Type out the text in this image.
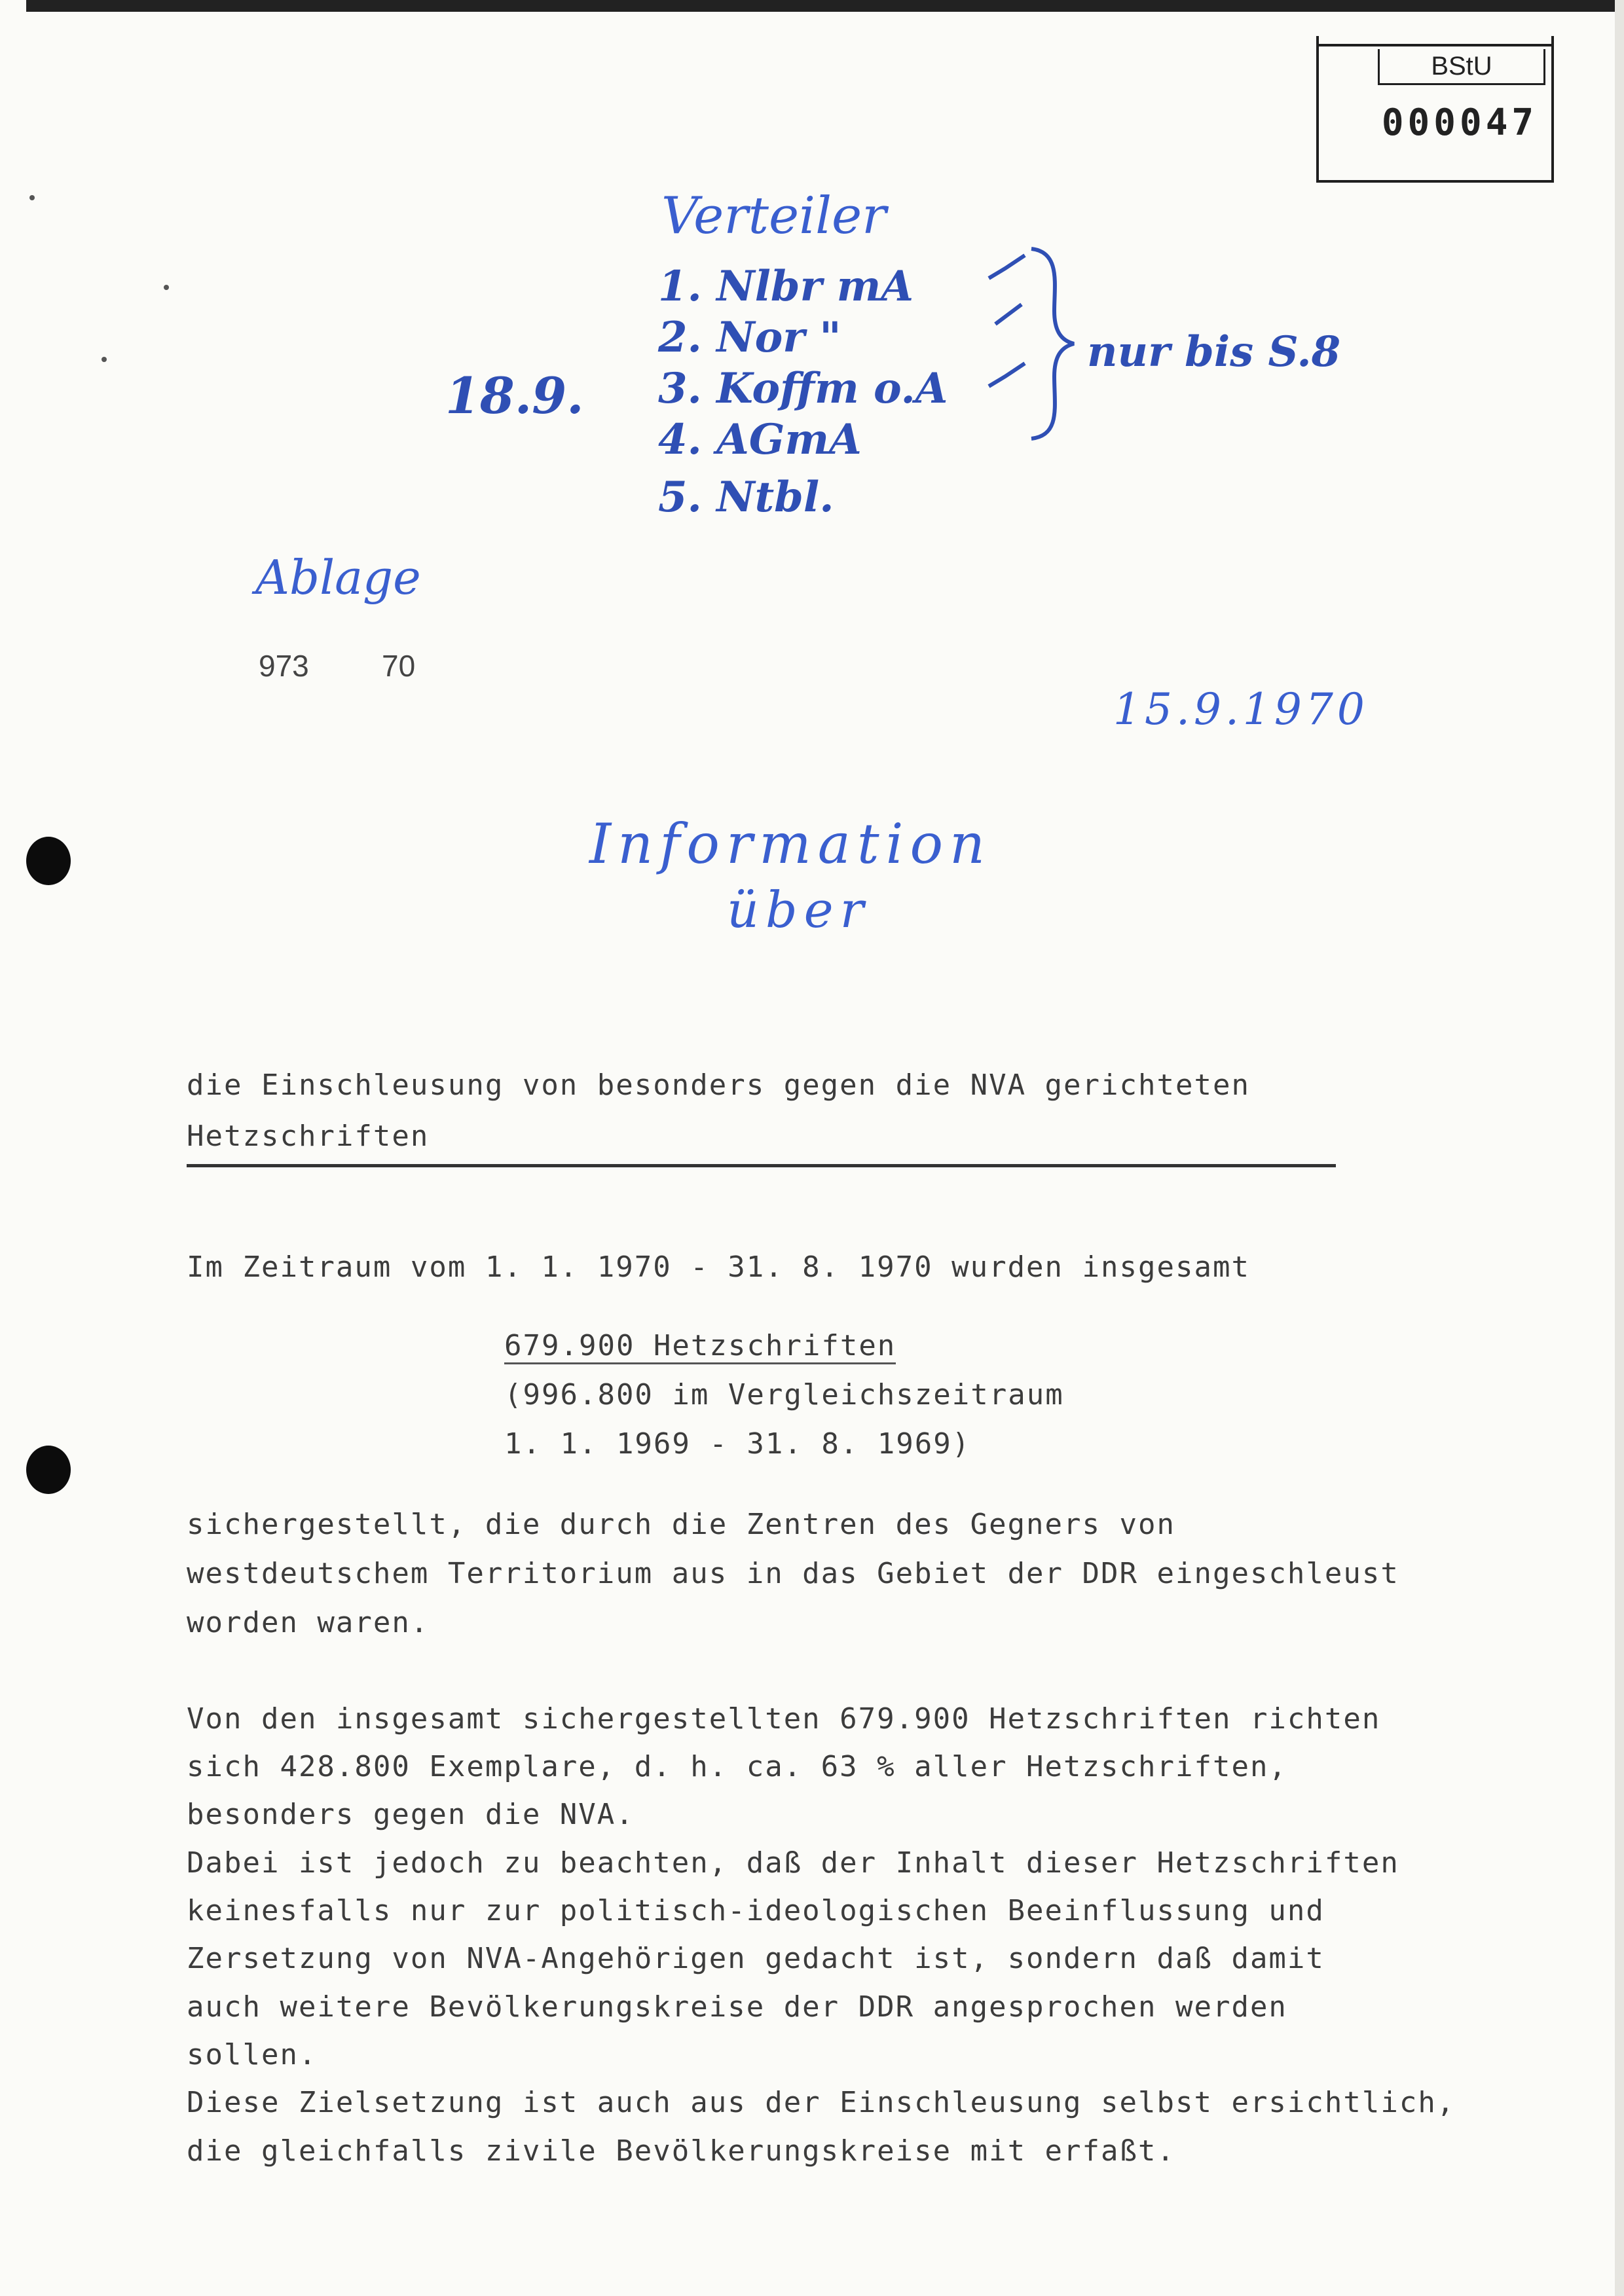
BStU
000047
Verteiler
1. Nlbr mA
2. Nor "
3. Koffm o.A
4. AGmA
5. Ntbl.
nur bis S.8
18.9.
Ablage
15.9.1970
Information
über
973 70
die Einschleusung von besonders gegen die NVA gerichteten
Hetzschriften
Im Zeitraum vom 1. 1. 1970 - 31. 8. 1970 wurden insgesamt
679.900 Hetzschriften
(996.800 im Vergleichszeitraum
1. 1. 1969 - 31. 8. 1969)
sichergestellt, die durch die Zentren des Gegners von
westdeutschem Territorium aus in das Gebiet der DDR eingeschleust
worden waren.
Von den insgesamt sichergestellten 679.900 Hetzschriften richten
sich 428.800 Exemplare, d. h. ca. 63 % aller Hetzschriften,
besonders gegen die NVA.
Dabei ist jedoch zu beachten, daß der Inhalt dieser Hetzschriften
keinesfalls nur zur politisch-ideologischen Beeinflussung und
Zersetzung von NVA-Angehörigen gedacht ist, sondern daß damit
auch weitere Bevölkerungskreise der DDR angesprochen werden
sollen.
Diese Zielsetzung ist auch aus der Einschleusung selbst ersichtlich,
die gleichfalls zivile Bevölkerungskreise mit erfaßt.
